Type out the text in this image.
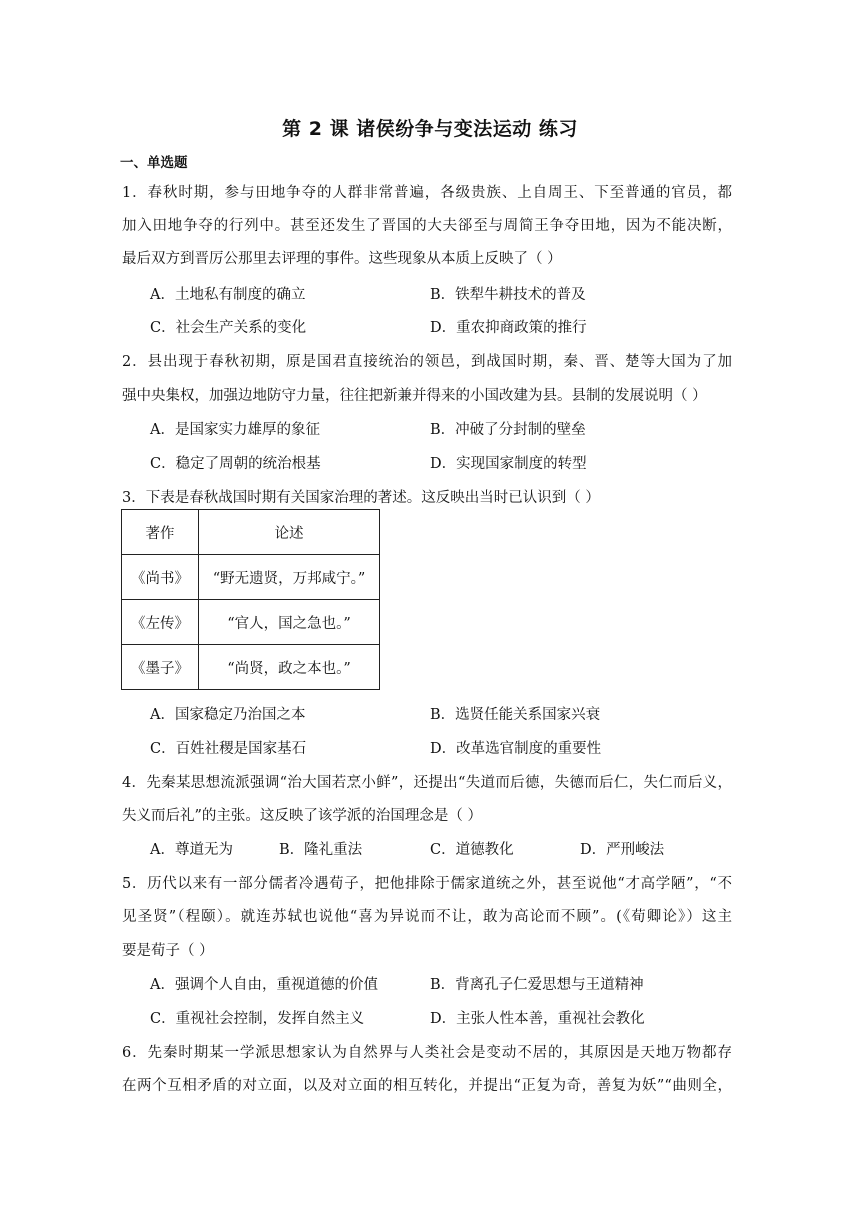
第 2 课 诸侯纷争与变法运动 练习
一、单选题
1．春秋时期，参与田地争夺的人群非常普遍，各级贵族、上自周王、下至普通的官员，都
加入田地争夺的行列中。甚至还发生了晋国的大夫郤至与周简王争夺田地，因为不能决断，
最后双方到晋厉公那里去评理的事件。这些现象从本质上反映了（ ）
A．土地私有制度的确立	B．铁犁牛耕技术的普及
C．社会生产关系的变化	D．重农抑商政策的推行
2．县出现于春秋初期，原是国君直接统治的领邑，到战国时期，秦、晋、楚等大国为了加
强中央集权，加强边地防守力量，往往把新兼并得来的小国改建为县。县制的发展说明（ ）
A．是国家实力雄厚的象征	B．冲破了分封制的壁垒
C．稳定了周朝的统治根基	D．实现国家制度的转型
3．下表是春秋战国时期有关国家治理的著述。这反映出当时已认识到（ ）
著作	论述
《尚书》	“野无遗贤，万邦咸宁。”
《左传》	“官人，国之急也。”
《墨子》	“尚贤，政之本也。”
A．国家稳定乃治国之本	B．选贤任能关系国家兴衰
C．百姓社稷是国家基石	D．改革选官制度的重要性
4．先秦某思想流派强调“治大国若烹小鲜”，还提出“失道而后德，失德而后仁，失仁而后义，
失义而后礼”的主张。这反映了该学派的治国理念是（ ）
A．尊道无为	B．隆礼重法	C．道德教化	D．严刑峻法
5．历代以来有一部分儒者冷遇荀子，把他排除于儒家道统之外，甚至说他“才高学陋”，“不
见圣贤”（程颐）。就连苏轼也说他“喜为异说而不让，敢为高论而不顾”。(《荀卿论》）这主
要是荀子（ ）
A．强调个人自由，重视道德的价值	B．背离孔子仁爱思想与王道精神
C．重视社会控制，发挥自然主义	D．主张人性本善，重视社会教化
6．先秦时期某一学派思想家认为自然界与人类社会是变动不居的，其原因是天地万物都存
在两个互相矛盾的对立面，以及对立面的相互转化，并提出“正复为奇，善复为妖”“曲则全，
